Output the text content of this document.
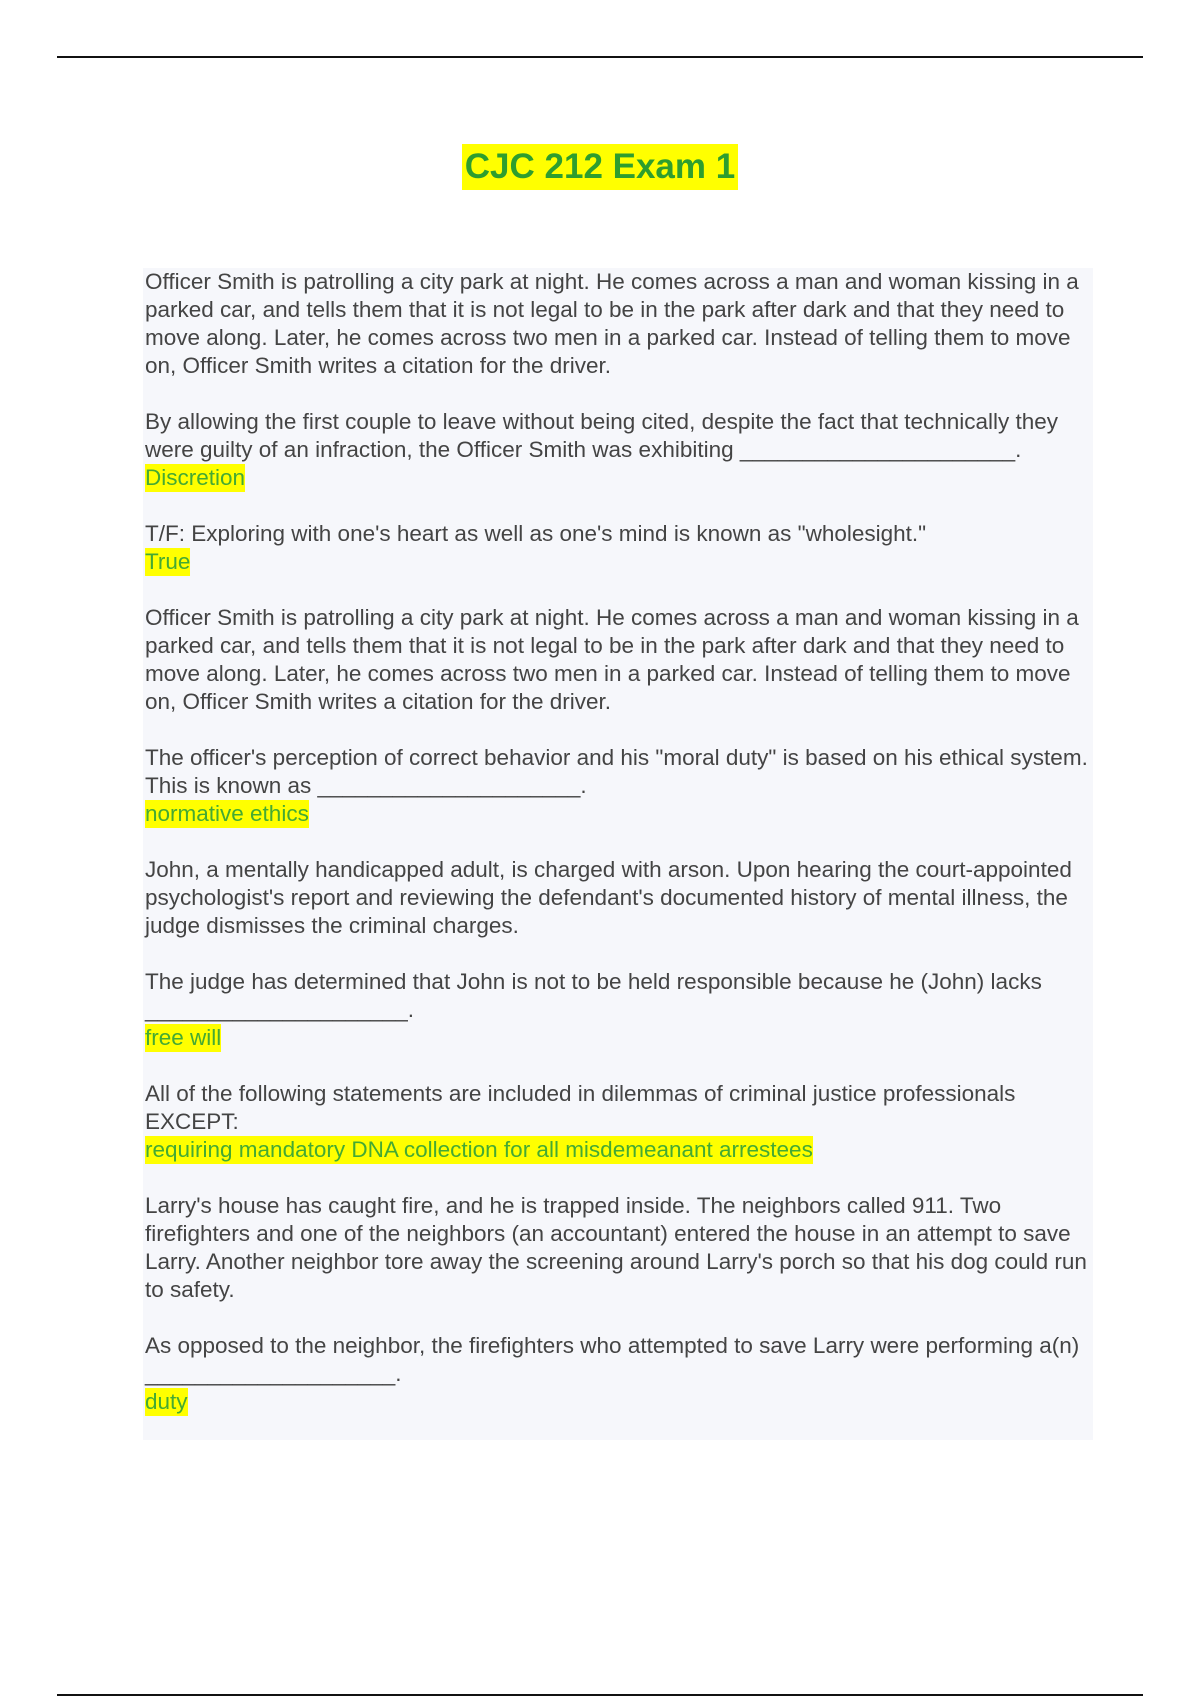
CJC 212 Exam 1

Officer Smith is patrolling a city park at night. He comes across a man and woman kissing in a parked car, and tells them that it is not legal to be in the park after dark and that they need to move along. Later, he comes across two men in a parked car. Instead of telling them to move on, Officer Smith writes a citation for the driver.

By allowing the first couple to leave without being cited, despite the fact that technically they were guilty of an infraction, the Officer Smith was exhibiting ______________________.

Discretion

T/F: Exploring with one's heart as well as one's mind is known as "wholesight."

True

Officer Smith is patrolling a city park at night. He comes across a man and woman kissing in a parked car, and tells them that it is not legal to be in the park after dark and that they need to move along. Later, he comes across two men in a parked car. Instead of telling them to move on, Officer Smith writes a citation for the driver.

The officer's perception of correct behavior and his "moral duty" is based on his ethical system. This is known as _____________________.

normative ethics

John, a mentally handicapped adult, is charged with arson. Upon hearing the court-appointed psychologist's report and reviewing the defendant's documented history of mental illness, the judge dismisses the criminal charges.

The judge has determined that John is not to be held responsible because he (John) lacks _____________________.

free will

All of the following statements are included in dilemmas of criminal justice professionals EXCEPT:

requiring mandatory DNA collection for all misdemeanant arrestees

Larry's house has caught fire, and he is trapped inside. The neighbors called 911. Two firefighters and one of the neighbors (an accountant) entered the house in an attempt to save Larry. Another neighbor tore away the screening around Larry's porch so that his dog could run to safety.

As opposed to the neighbor, the firefighters who attempted to save Larry were performing a(n) ____________________.

duty
